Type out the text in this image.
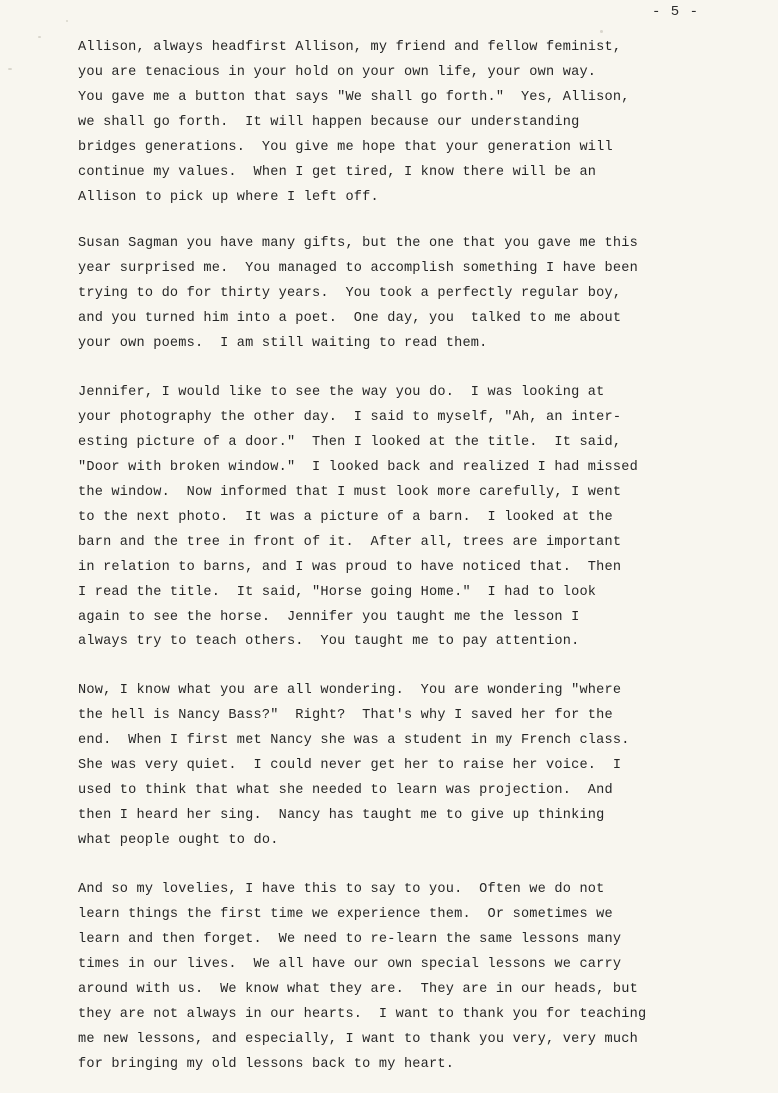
- 5 -
Allison, always headfirst Allison, my friend and fellow feminist,
you are tenacious in your hold on your own life, your own way.
You gave me a button that says "We shall go forth."  Yes, Allison,
we shall go forth.  It will happen because our understanding
bridges generations.  You give me hope that your generation will
continue my values.  When I get tired, I know there will be an
Allison to pick up where I left off.
Susan Sagman you have many gifts, but the one that you gave me this
year surprised me.  You managed to accomplish something I have been
trying to do for thirty years.  You took a perfectly regular boy,
and you turned him into a poet.  One day, you  talked to me about
your own poems.  I am still waiting to read them.
Jennifer, I would like to see the way you do.  I was looking at
your photography the other day.  I said to myself, "Ah, an inter-
esting picture of a door."  Then I looked at the title.  It said,
"Door with broken window."  I looked back and realized I had missed
the window.  Now informed that I must look more carefully, I went
to the next photo.  It was a picture of a barn.  I looked at the
barn and the tree in front of it.  After all, trees are important
in relation to barns, and I was proud to have noticed that.  Then
I read the title.  It said, "Horse going Home."  I had to look
again to see the horse.  Jennifer you taught me the lesson I
always try to teach others.  You taught me to pay attention.
Now, I know what you are all wondering.  You are wondering "where
the hell is Nancy Bass?"  Right?  That's why I saved her for the
end.  When I first met Nancy she was a student in my French class.
She was very quiet.  I could never get her to raise her voice.  I
used to think that what she needed to learn was projection.  And
then I heard her sing.  Nancy has taught me to give up thinking
what people ought to do.
And so my lovelies, I have this to say to you.  Often we do not
learn things the first time we experience them.  Or sometimes we
learn and then forget.  We need to re-learn the same lessons many
times in our lives.  We all have our own special lessons we carry
around with us.  We know what they are.  They are in our heads, but
they are not always in our hearts.  I want to thank you for teaching
me new lessons, and especially, I want to thank you very, very much
for bringing my old lessons back to my heart.
